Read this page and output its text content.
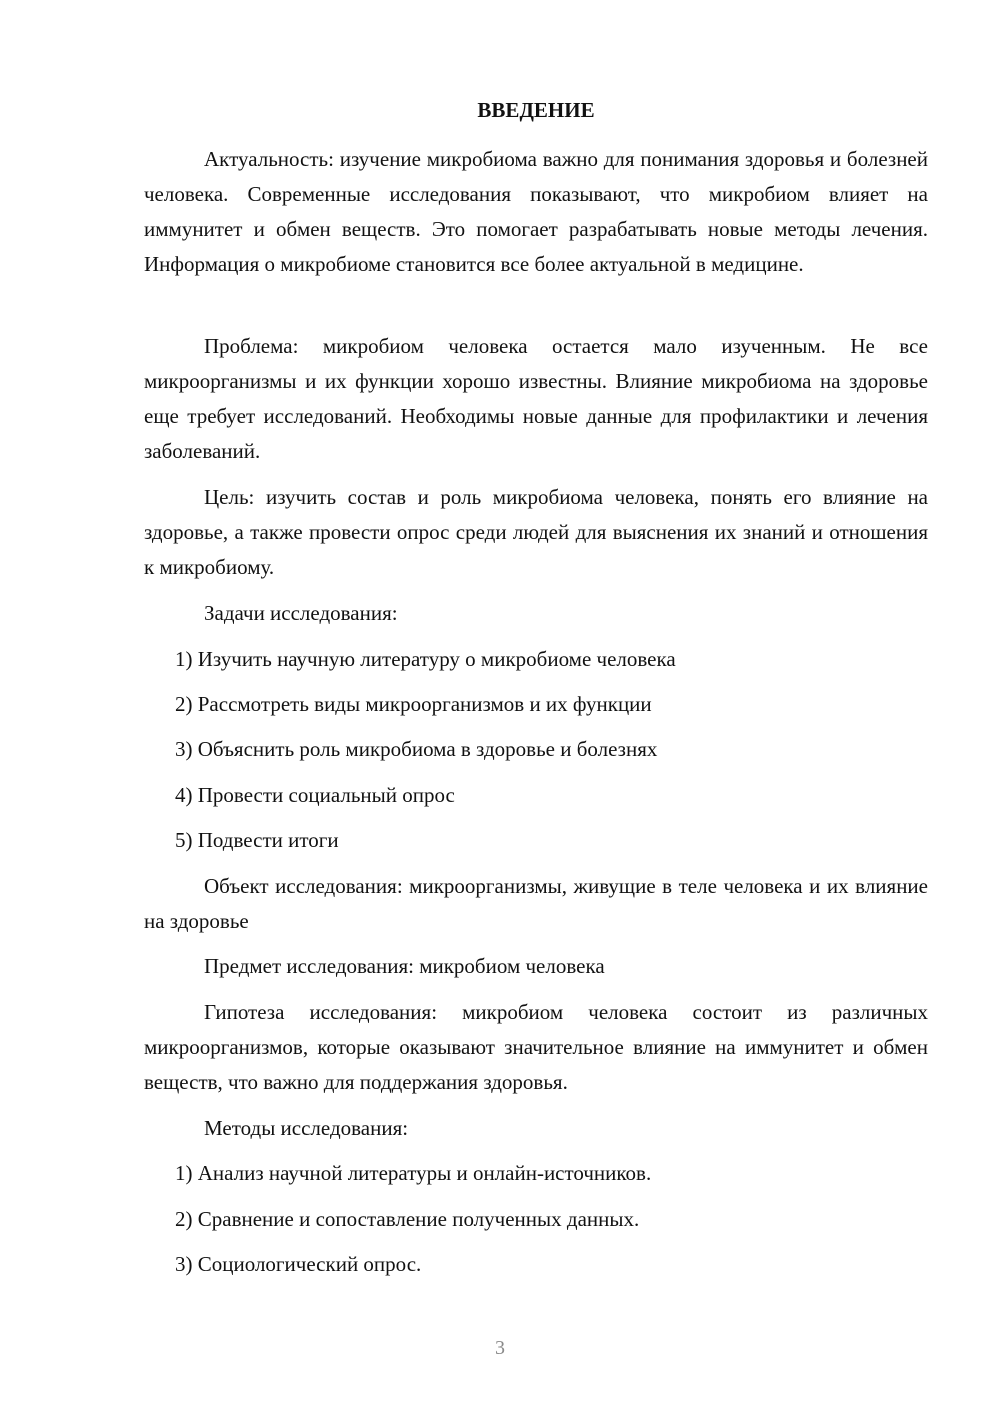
ВВЕДЕНИЕ

Актуальность: изучение микробиома важно для понимания здоровья и болезней человека. Современные исследования показывают, что микробиом влияет на иммунитет и обмен веществ. Это помогает разрабатывать новые методы лечения. Информация о микробиоме становится все более актуальной в медицине.

Проблема: микробиом человека остается мало изученным. Не все микроорганизмы и их функции хорошо известны. Влияние микробиома на здоровье еще требует исследований. Необходимы новые данные для профилактики и лечения заболеваний.

Цель: изучить состав и роль микробиома человека, понять его влияние на здоровье, а также провести опрос среди людей для выяснения их знаний и отношения к микробиому.

Задачи исследования:

1) Изучить научную литературу о микробиоме человека

2) Рассмотреть виды микроорганизмов и их функции

3) Объяснить роль микробиома в здоровье и болезнях

4) Провести социальный опрос

5) Подвести итоги

Объект исследования: микроорганизмы, живущие в теле человека и их влияние на здоровье

Предмет исследования: микробиом человека

Гипотеза исследования: микробиом человека состоит из различных микроорганизмов, которые оказывают значительное влияние на иммунитет и обмен веществ, что важно для поддержания здоровья.

Методы исследования:

1) Анализ научной литературы и онлайн-источников.

2) Сравнение и сопоставление полученных данных.

3) Социологический опрос.

3
